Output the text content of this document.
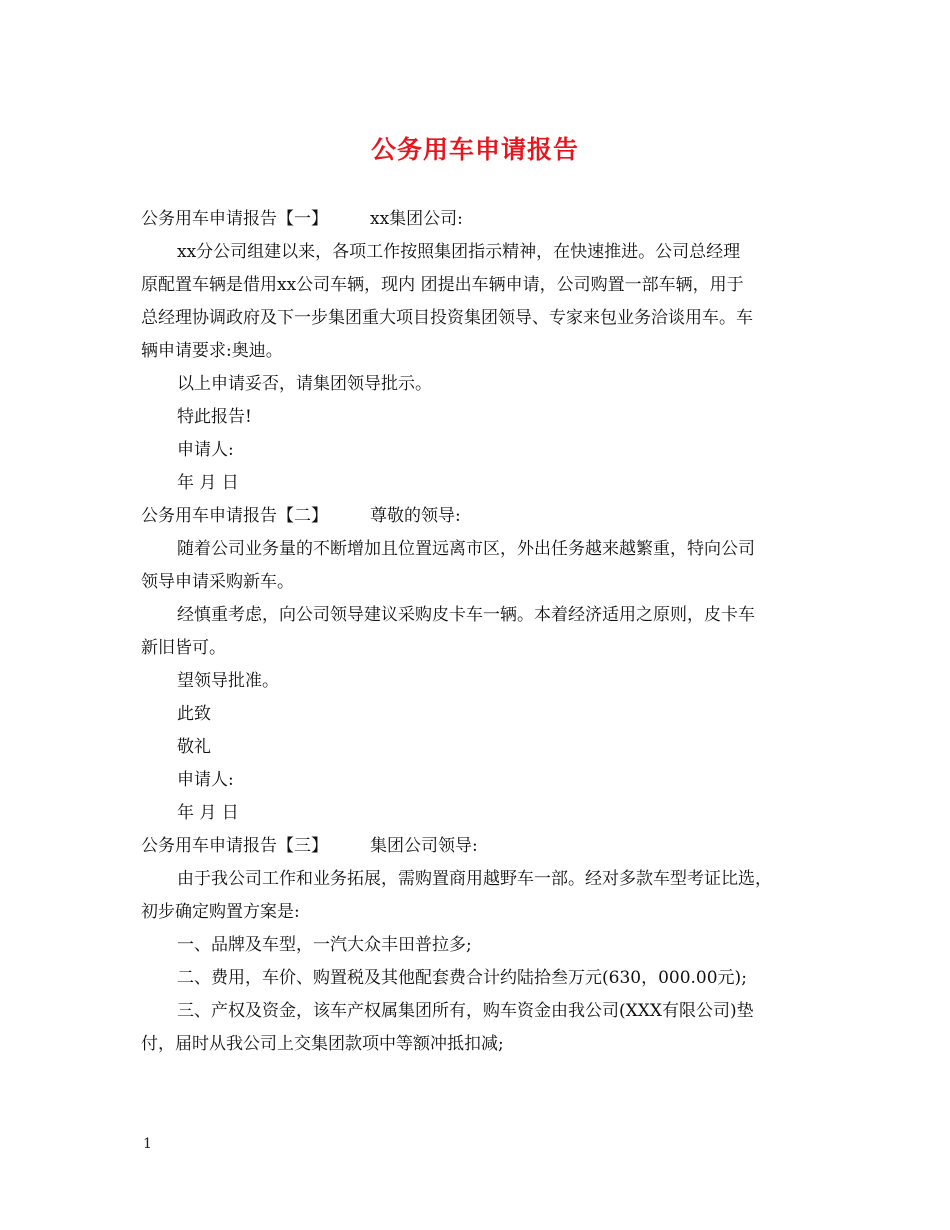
公务用车申请报告

公务用车申请报告【一】 xx集团公司:

xx分公司组建以来，各项工作按照集团指示精神，在快速推进。公司总经理

原配置车辆是借用xx公司车辆，现内 团提出车辆申请，公司购置一部车辆，用于

总经理协调政府及下一步集团重大项目投资集团领导、专家来包业务洽谈用车。车

辆申请要求:奥迪。

以上申请妥否，请集团领导批示。

特此报告!

申请人:

年 月 日

公务用车申请报告【二】 尊敬的领导:

随着公司业务量的不断增加且位置远离市区，外出任务越来越繁重，特向公司

领导申请采购新车。

经慎重考虑，向公司领导建议采购皮卡车一辆。本着经济适用之原则，皮卡车

新旧皆可。

望领导批准。

此致

敬礼

申请人:

年 月 日

公务用车申请报告【三】 集团公司领导:

由于我公司工作和业务拓展，需购置商用越野车一部。经对多款车型考证比选，

初步确定购置方案是:

一、品牌及车型，一汽大众丰田普拉多;

二、费用，车价、购置税及其他配套费合计约陆拾叁万元(630，000.00元);

三、产权及资金，该车产权属集团所有，购车资金由我公司(XXX有限公司)垫

付，届时从我公司上交集团款项中等额冲抵扣减;

1
